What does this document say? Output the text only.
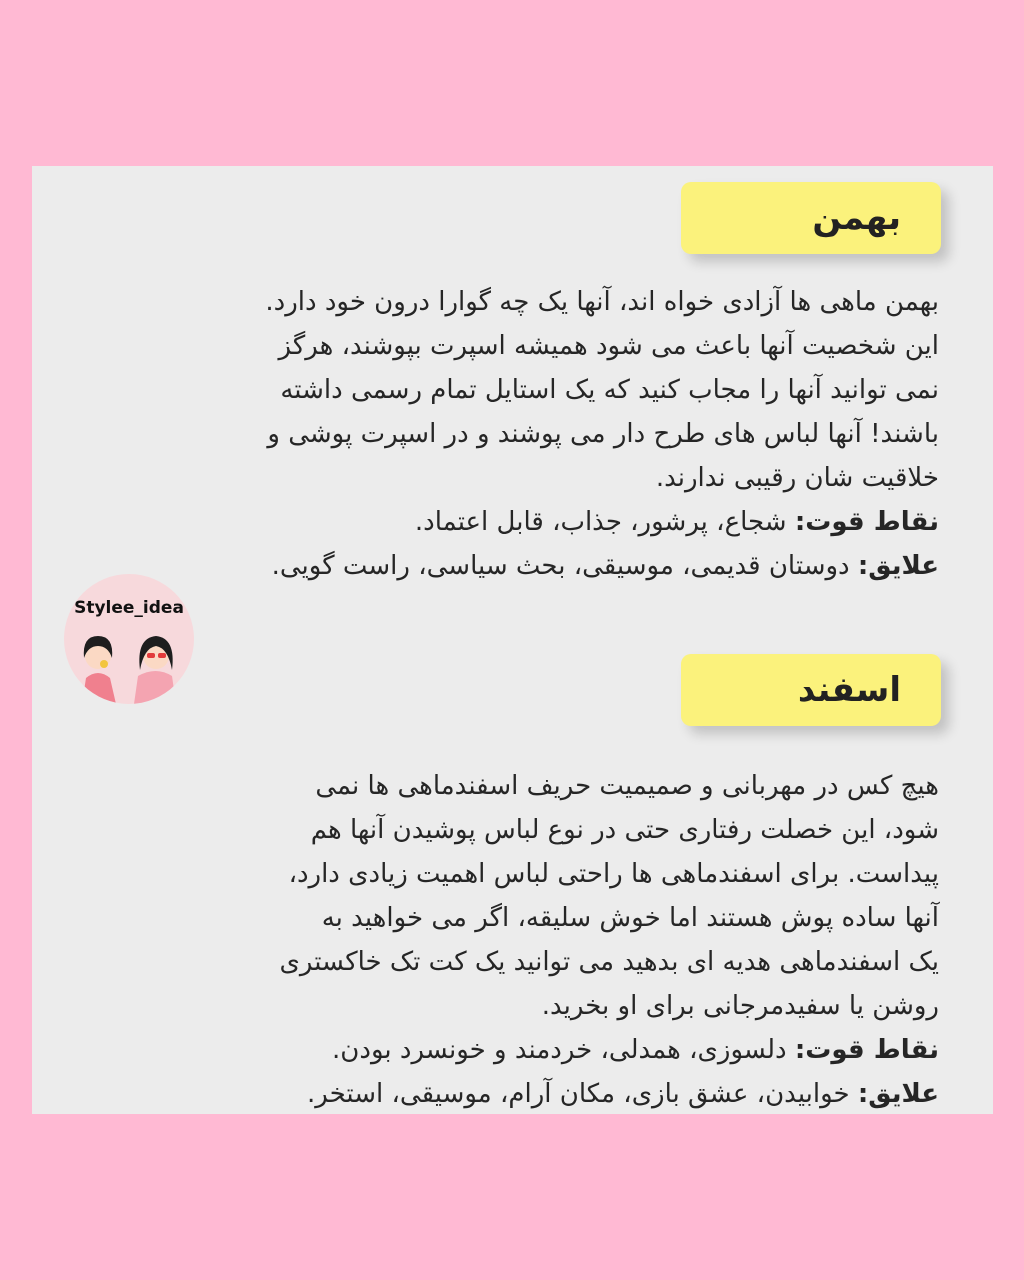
بهمن
بهمن ماهی ها آزادی خواه اند، آنها یک چه گوارا درون خود دارد.
این شخصیت آنها باعث می شود همیشه اسپرت بپوشند، هرگز
نمی توانید آنها را مجاب کنید که یک استایل تمام رسمی داشته
باشند! آنها لباس های طرح دار می پوشند و در اسپرت پوشی و
خلاقیت شان رقیبی ندارند.
نقاط قوت: شجاع، پرشور، جذاب، قابل اعتماد.
علایق: دوستان قدیمی، موسیقی، بحث سیاسی، راست گویی.
اسفند
هیچ کس در مهربانی و صمیمیت حریف اسفندماهی ها نمی
شود، این خصلت رفتاری حتی در نوع لباس پوشیدن آنها هم
پیداست. برای اسفندماهی ها راحتی لباس اهمیت زیادی دارد،
آنها ساده پوش هستند اما خوش سلیقه، اگر می خواهید به
یک اسفندماهی هدیه ای بدهید می توانید یک کت تک خاکستری
روشن یا سفیدمرجانی برای او بخرید.
نقاط قوت: دلسوزی، همدلی، خردمند و خونسرد بودن.
علایق: خوابیدن، عشق بازی، مکان آرام، موسیقی، استخر.
Stylee_idea
